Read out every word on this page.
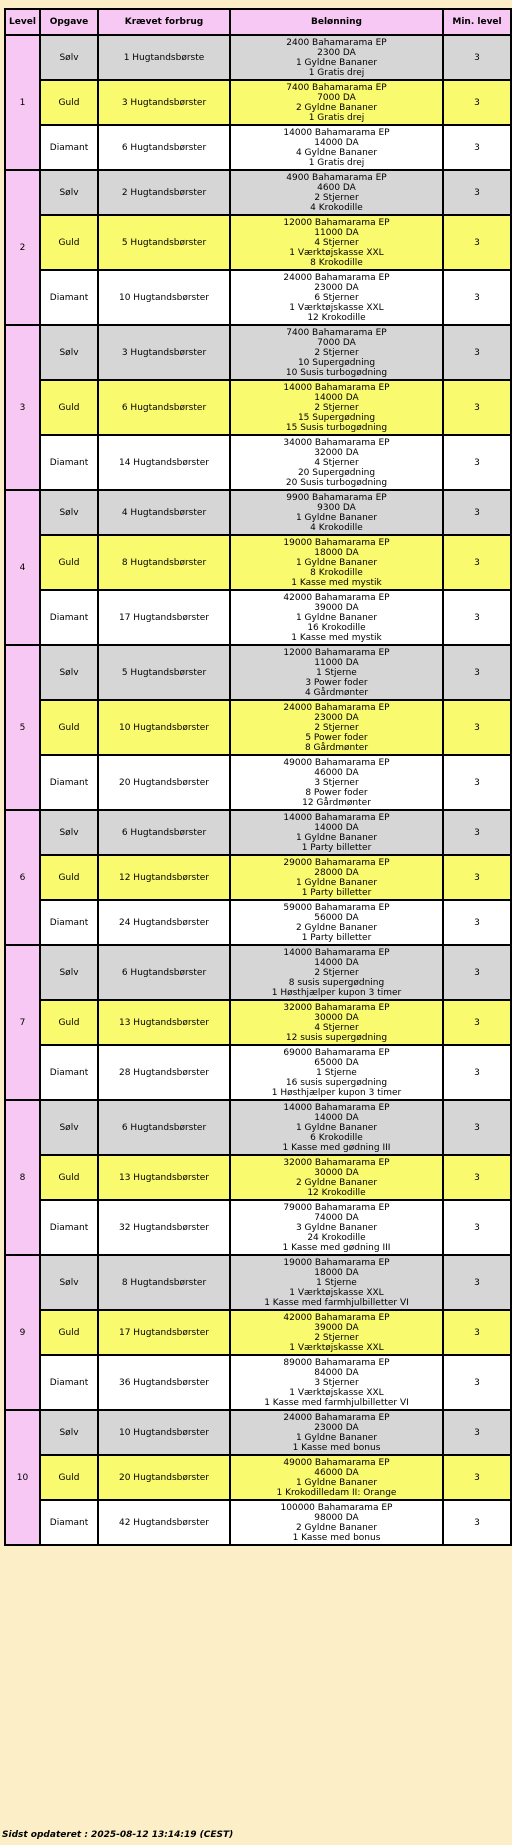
Level	Opgave	Krævet forbrug	Belønning	Min. level
1	Sølv	1 Hugtandsbørste	2400 Bahamarama EP
2300 DA
1 Gyldne Bananer
1 Gratis drej	3
	Guld	3 Hugtandsbørster	7400 Bahamarama EP
7000 DA
2 Gyldne Bananer
1 Gratis drej	3
	Diamant	6 Hugtandsbørster	14000 Bahamarama EP
14000 DA
4 Gyldne Bananer
1 Gratis drej	3
2	Sølv	2 Hugtandsbørster	4900 Bahamarama EP
4600 DA
2 Stjerner
4 Krokodille	3
	Guld	5 Hugtandsbørster	12000 Bahamarama EP
11000 DA
4 Stjerner
1 Værktøjskasse XXL
8 Krokodille	3
	Diamant	10 Hugtandsbørster	24000 Bahamarama EP
23000 DA
6 Stjerner
1 Værktøjskasse XXL
12 Krokodille	3
3	Sølv	3 Hugtandsbørster	7400 Bahamarama EP
7000 DA
2 Stjerner
10 Supergødning
10 Susis turbogødning	3
	Guld	6 Hugtandsbørster	14000 Bahamarama EP
14000 DA
2 Stjerner
15 Supergødning
15 Susis turbogødning	3
	Diamant	14 Hugtandsbørster	34000 Bahamarama EP
32000 DA
4 Stjerner
20 Supergødning
20 Susis turbogødning	3
4	Sølv	4 Hugtandsbørster	9900 Bahamarama EP
9300 DA
1 Gyldne Bananer
4 Krokodille	3
	Guld	8 Hugtandsbørster	19000 Bahamarama EP
18000 DA
1 Gyldne Bananer
8 Krokodille
1 Kasse med mystik	3
	Diamant	17 Hugtandsbørster	42000 Bahamarama EP
39000 DA
1 Gyldne Bananer
16 Krokodille
1 Kasse med mystik	3
5	Sølv	5 Hugtandsbørster	12000 Bahamarama EP
11000 DA
1 Stjerne
3 Power foder
4 Gårdmønter	3
	Guld	10 Hugtandsbørster	24000 Bahamarama EP
23000 DA
2 Stjerner
5 Power foder
8 Gårdmønter	3
	Diamant	20 Hugtandsbørster	49000 Bahamarama EP
46000 DA
3 Stjerner
8 Power foder
12 Gårdmønter	3
6	Sølv	6 Hugtandsbørster	14000 Bahamarama EP
14000 DA
1 Gyldne Bananer
1 Party billetter	3
	Guld	12 Hugtandsbørster	29000 Bahamarama EP
28000 DA
1 Gyldne Bananer
1 Party billetter	3
	Diamant	24 Hugtandsbørster	59000 Bahamarama EP
56000 DA
2 Gyldne Bananer
1 Party billetter	3
7	Sølv	6 Hugtandsbørster	14000 Bahamarama EP
14000 DA
2 Stjerner
8 susis supergødning
1 Høsthjælper kupon 3 timer	3
	Guld	13 Hugtandsbørster	32000 Bahamarama EP
30000 DA
4 Stjerner
12 susis supergødning	3
	Diamant	28 Hugtandsbørster	69000 Bahamarama EP
65000 DA
1 Stjerne
16 susis supergødning
1 Høsthjælper kupon 3 timer	3
8	Sølv	6 Hugtandsbørster	14000 Bahamarama EP
14000 DA
1 Gyldne Bananer
6 Krokodille
1 Kasse med gødning III	3
	Guld	13 Hugtandsbørster	32000 Bahamarama EP
30000 DA
2 Gyldne Bananer
12 Krokodille	3
	Diamant	32 Hugtandsbørster	79000 Bahamarama EP
74000 DA
3 Gyldne Bananer
24 Krokodille
1 Kasse med gødning III	3
9	Sølv	8 Hugtandsbørster	19000 Bahamarama EP
18000 DA
1 Stjerne
1 Værktøjskasse XXL
1 Kasse med farmhjulbilletter VI	3
	Guld	17 Hugtandsbørster	42000 Bahamarama EP
39000 DA
2 Stjerner
1 Værktøjskasse XXL	3
	Diamant	36 Hugtandsbørster	89000 Bahamarama EP
84000 DA
3 Stjerner
1 Værktøjskasse XXL
1 Kasse med farmhjulbilletter VI	3
10	Sølv	10 Hugtandsbørster	24000 Bahamarama EP
23000 DA
1 Gyldne Bananer
1 Kasse med bonus	3
	Guld	20 Hugtandsbørster	49000 Bahamarama EP
46000 DA
1 Gyldne Bananer
1 Krokodilledam II: Orange	3
	Diamant	42 Hugtandsbørster	100000 Bahamarama EP
98000 DA
2 Gyldne Bananer
1 Kasse med bonus	3
Sidst opdateret : 2025-08-12 13:14:19 (CEST)
